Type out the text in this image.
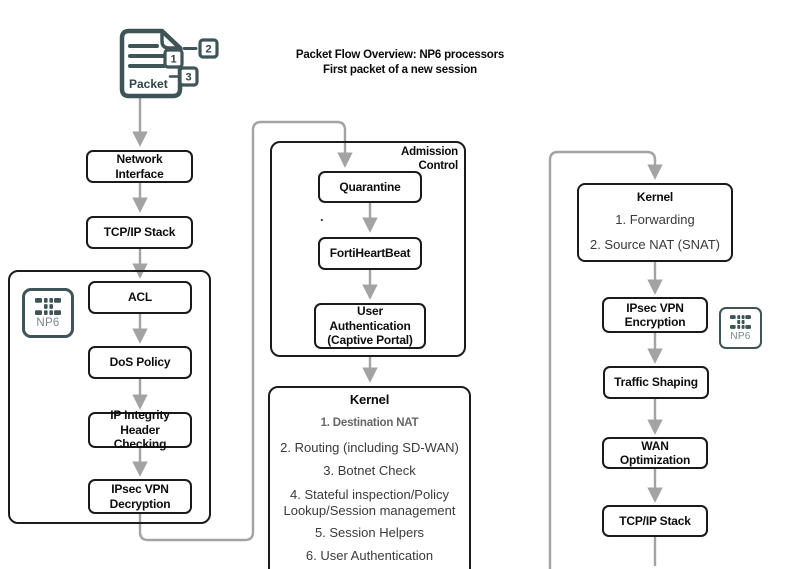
Packet Flow Overview: NP6 processors
First packet of a new session
Packet
1
2
3
Network Interface
TCP/IP Stack
NP6
ACL
DoS Policy
IP Integrity Header Checking
IPsec VPN Decryption
Admission Control
Quarantine
.
FortiHeartBeat
User Authentication (Captive Portal)
Kernel
1. Destination NAT
2. Routing (including SD-WAN)
3. Botnet Check
4. Stateful inspection/Policy Lookup/Session management
5. Session Helpers
6. User Authentication
Kernel
1. Forwarding
2. Source NAT (SNAT)
IPsec VPN Encryption
NP6
Traffic Shaping
WAN Optimization
TCP/IP Stack
